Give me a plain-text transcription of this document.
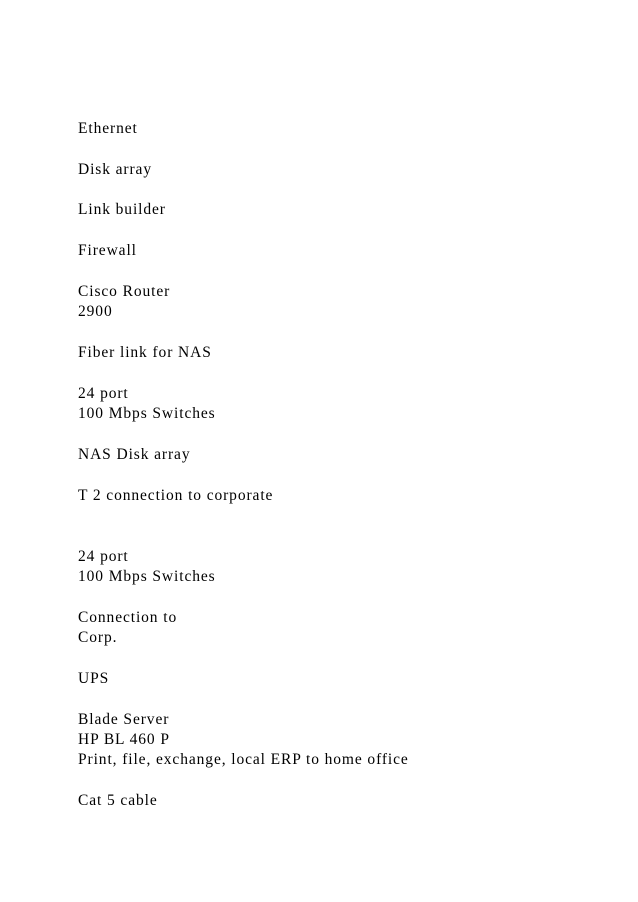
Ethernet
Disk array
Link builder
Firewall
Cisco Router
2900
Fiber link for NAS
24 port
100 Mbps Switches
NAS Disk array
T 2 connection to corporate
24 port
100 Mbps Switches
Connection to
Corp.
UPS
Blade Server
HP BL 460 P
Print, file, exchange, local ERP to home office
Cat 5 cable
